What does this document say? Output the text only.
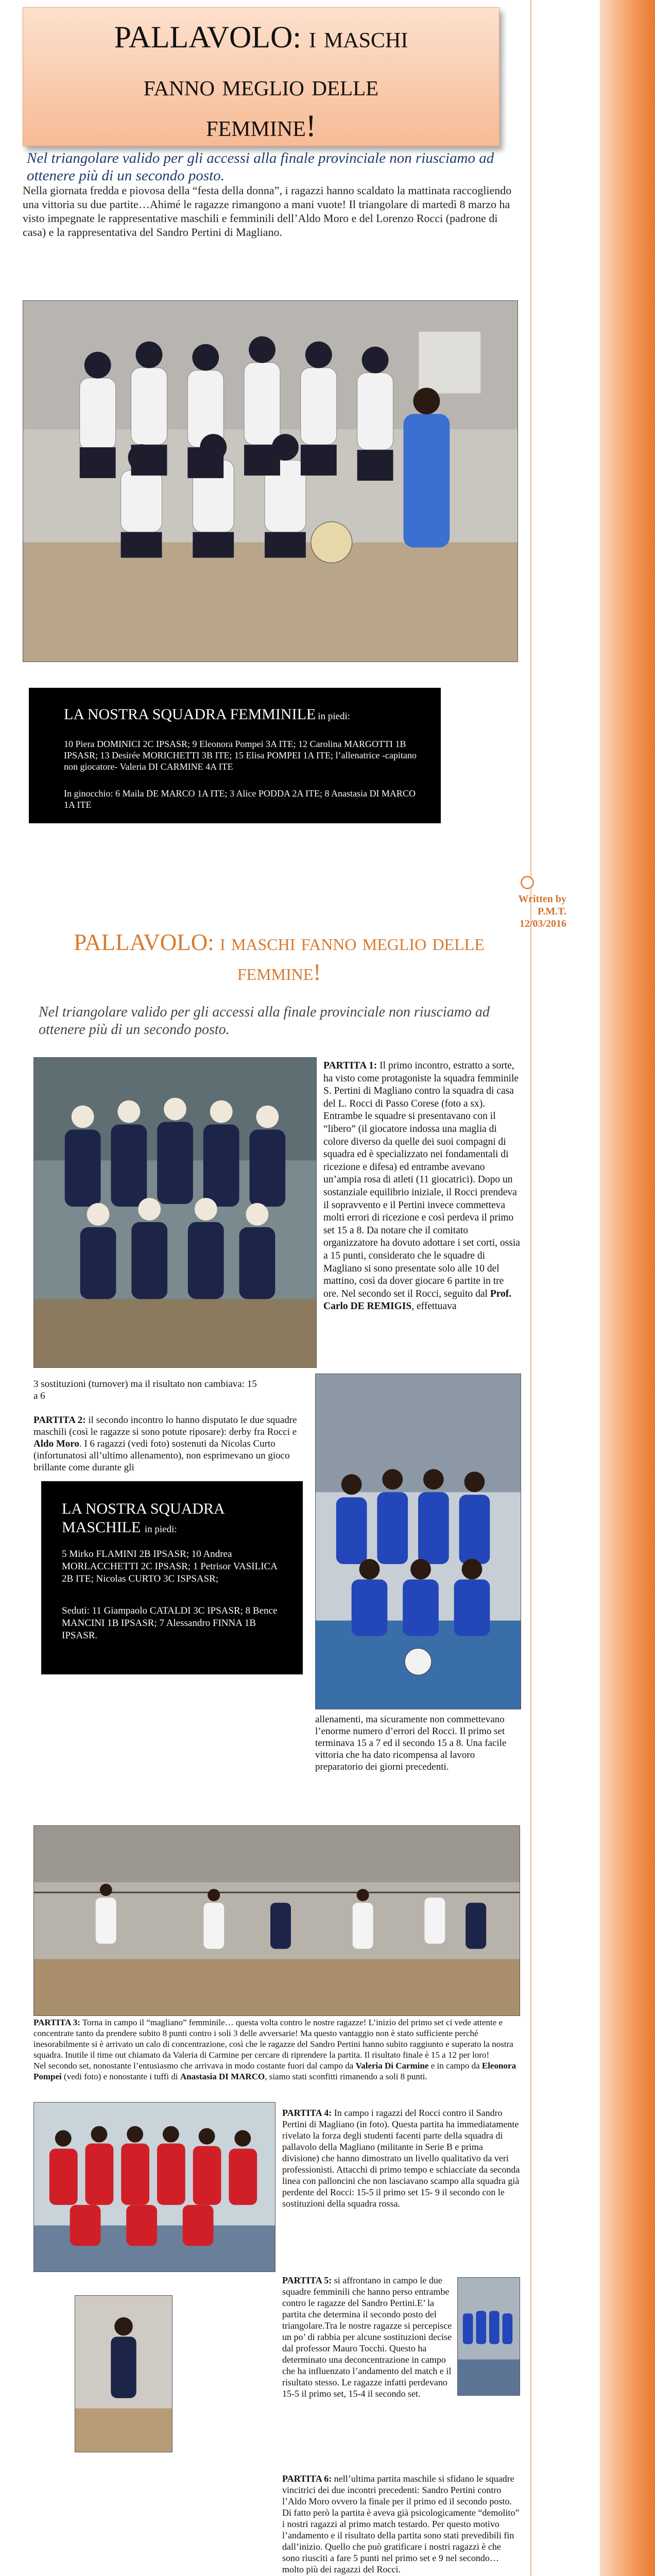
PALLAVOLO: i maschi
fanno meglio delle
femmine!
Nel triangolare valido per gli accessi alla finale provinciale non riusciamo ad ottenere più di un secondo posto.
Nella giornata fredda e piovosa della “festa della donna”, i ragazzi hanno scaldato la mattinata raccogliendo una vittoria su due partite…Ahimé le ragazze rimangono a mani vuote! Il triangolare di martedì 8 marzo ha visto impegnate le rappresentative maschili e femminili dell’Aldo Moro e del Lorenzo Rocci (padrone di casa) e la rappresentativa del Sandro Pertini di Magliano.
LA NOSTRA SQUADRA FEMMINILE in piedi:
10 Piera DOMINICI 2C IPSASR; 9 Eleonora Pompei 3A ITE; 12 Carolina MARGOTTI 1B IPSASR; 13 Desirée MORICHETTI 3B ITE; 15 Elisa POMPEI 1A ITE; l’allenatrice -capitano non giocatore- Valeria DI CARMINE 4A ITE
In ginocchio: 6 Maila DE MARCO 1A ITE; 3 Alice PODDA 2A ITE; 8 Anastasia DI MARCO 1A ITE
Written by P.M.T.
12/03/2016
PALLAVOLO: i maschi fanno meglio delle
femmine!
Nel triangolare valido per gli accessi alla finale provinciale non riusciamo ad ottenere più di un secondo posto.
PARTITA 1: Il primo incontro, estratto a sorte, ha visto come protagoniste la squadra femminile S. Pertini di Magliano contro la squadra di casa del L. Rocci di Passo Corese (foto a sx). Entrambe le squadre si presentavano con il “libero” (il giocatore indossa una maglia di colore diverso da quelle dei suoi compagni di squadra ed è specializzato nei fondamentali di ricezione e difesa) ed entrambe avevano un’ampia rosa di atleti (11 giocatrici). Dopo un sostanziale equilibrio iniziale, il Rocci prendeva il sopravvento e il Pertini invece commetteva molti errori di ricezione e così perdeva il primo set 15 a 8. Da notare che il comitato organizzatore ha dovuto adottare i set corti, ossia a 15 punti, considerato che le squadre di Magliano si sono presentate solo alle 10 del mattino, così da dover giocare 6 partite in tre ore. Nel secondo set il Rocci, seguito dal Prof. Carlo DE REMIGIS, effettuava
3 sostituzioni (turnover) ma il risultato non cambiava: 15 a 6
PARTITA 2: il secondo incontro lo hanno disputato le due squadre maschili (così le ragazze si sono potute riposare): derby fra Rocci e Aldo Moro. I 6 ragazzi (vedi foto) sostenuti da Nicolas Curto (infortunatosi all’ultimo allenamento), non esprimevano un gioco brillante come durante gli
LA NOSTRA SQUADRA
MASCHILE in piedi:
5 Mirko FLAMINI 2B IPSASR; 10 Andrea MORLACCHETTI 2C IPSASR; 1 Petrisor VASILICA 2B ITE; Nicolas CURTO 3C ISPSASR;
Seduti: 11 Giampaolo CATALDI 3C IPSASR; 8 Bence MANCINI 1B IPSASR; 7 Alessandro FINNA 1B IPSASR.
allenamenti, ma sicuramente non commettevano l’enorme numero d’errori del Rocci. Il primo set terminava 15 a 7 ed il secondo 15 a 8. Una facile vittoria che ha dato ricompensa al lavoro preparatorio dei giorni precedenti.
PARTITA 3: Torna in campo il “magliano” femminile… questa volta contro le nostre ragazze! L’inizio del primo set ci vede attente e concentrate tanto da prendere subito 8 punti contro i soli 3 delle avversarie! Ma questo vantaggio non è stato sufficiente perché inesorabilmente si è arrivato un calo di concentrazione, così che le ragazze del Sandro Pertini hanno subito raggiunto e superato la nostra squadra. Inutile il time out chiamato da Valeria di Carmine per cercare di riprendere la partita. Il risultato finale è 15 a 12 per loro!
Nel secondo set, nonostante l’entusiasmo che arrivava in modo costante fuori dal campo da Valeria Di Carmine e in campo da Eleonora Pompei (vedi foto) e nonostante i tuffi di Anastasia DI MARCO, siamo stati sconfitti rimanendo a soli 8 punti.
PARTITA 4: In campo i ragazzi del Rocci contro il Sandro Pertini di Magliano (in foto). Questa partita ha immediatamente rivelato la forza degli studenti facenti parte della squadra di pallavolo della Magliano (militante in Serie B e prima divisione) che hanno dimostrato un livello qualitativo da veri professionisti. Attacchi di primo tempo e schiacciate da seconda linea con palloncini che non lasciavano scampo alla squadra già perdente del Rocci: 15-5 il primo set 15- 9 il secondo con le sostituzioni della squadra rossa.
PARTITA 5: si affrontano in campo le due squadre femminili che hanno perso entrambe contro le ragazze del Sandro Pertini.E’ la partita che determina il secondo posto del triangolare.Tra le nostre ragazze si percepisce un po’ di rabbia per alcune sostituzioni decise dal professor Mauro Tocchi. Questo ha determinato una deconcentrazione in campo che ha influenzato l’andamento del match e il risultato stesso. Le ragazze infatti perdevano 15-5 il primo set, 15-4 il secondo set.
PARTITA 6: nell’ultima partita maschile si sfidano le squadre vincitrici dei due incontri precedenti: Sandro Pertini contro l’Aldo Moro ovvero la finale per il primo ed il secondo posto. Di fatto però la partita è aveva già psicologicamente “demolito” i nostri ragazzi al primo match testardo. Per questo motivo l’andamento e il risultato della partita sono stati prevedibili fin dall’inizio. Quello che può gratificare i nostri ragazzi è che sono riusciti a fare 5 punti nel primo set e 9 nel secondo… molto più dei ragazzi del Rocci.
